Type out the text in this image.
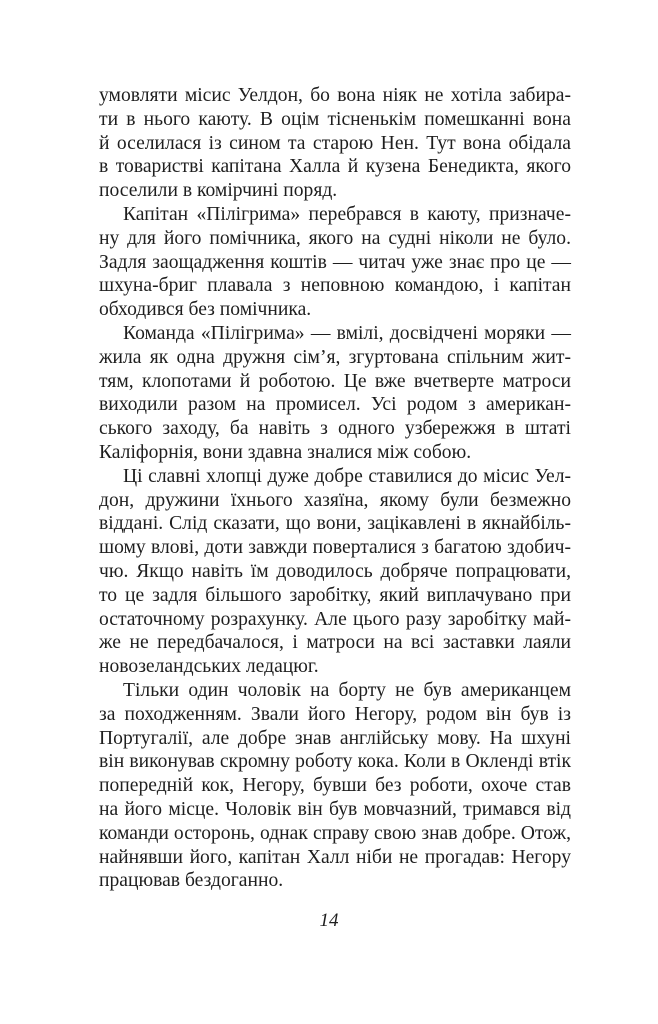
умовляти місис Уелдон, бо вона ніяк не хотіла забира-
ти в нього каюту. В оцім тісненькім помешканні вона
й оселилася із сином та старою Нен. Тут вона обідала
в товаристві капітана Халла й кузена Бенедикта, якого
поселили в комірчині поряд.
Капітан «Пілігрима» перебрався в каюту, призначе-
ну для його помічника, якого на судні ніколи не було.
Задля заощадження коштів — читач уже знає про це —
шхуна-бриг плавала з неповною командою, і капітан
обходився без помічника.
Команда «Пілігрима» — вмілі, досвідчені моряки —
жила як одна дружня сім’я, згуртована спільним жит-
тям, клопотами й роботою. Це вже вчетверте матроси
виходили разом на промисел. Усі родом з американ-
ського заходу, ба навіть з одного узбережжя в штаті
Каліфорнія, вони здавна зналися між собою.
Ці славні хлопці дуже добре ставилися до місис Уел-
дон, дружини їхнього хазяїна, якому були безмежно
віддані. Слід сказати, що вони, зацікавлені в якнайбіль-
шому влові, доти завжди поверталися з багатою здобич-
чю. Якщо навіть їм доводилось добряче попрацювати,
то це задля більшого заробітку, який виплачувано при
остаточному розрахунку. Але цього разу заробітку май-
же не передбачалося, і матроси на всі заставки лаяли
новозеландських ледацюг.
Тільки один чоловік на борту не був американцем
за походженням. Звали його Негору, родом він був із
Португалії, але добре знав англійську мову. На шхуні
він виконував скромну роботу кока. Коли в Окленді втік
попередній кок, Негору, бувши без роботи, охоче став
на його місце. Чоловік він був мовчазний, тримався від
команди осторонь, однак справу свою знав добре. Отож,
найнявши його, капітан Халл ніби не прогадав: Негору
працював бездоганно.
14
